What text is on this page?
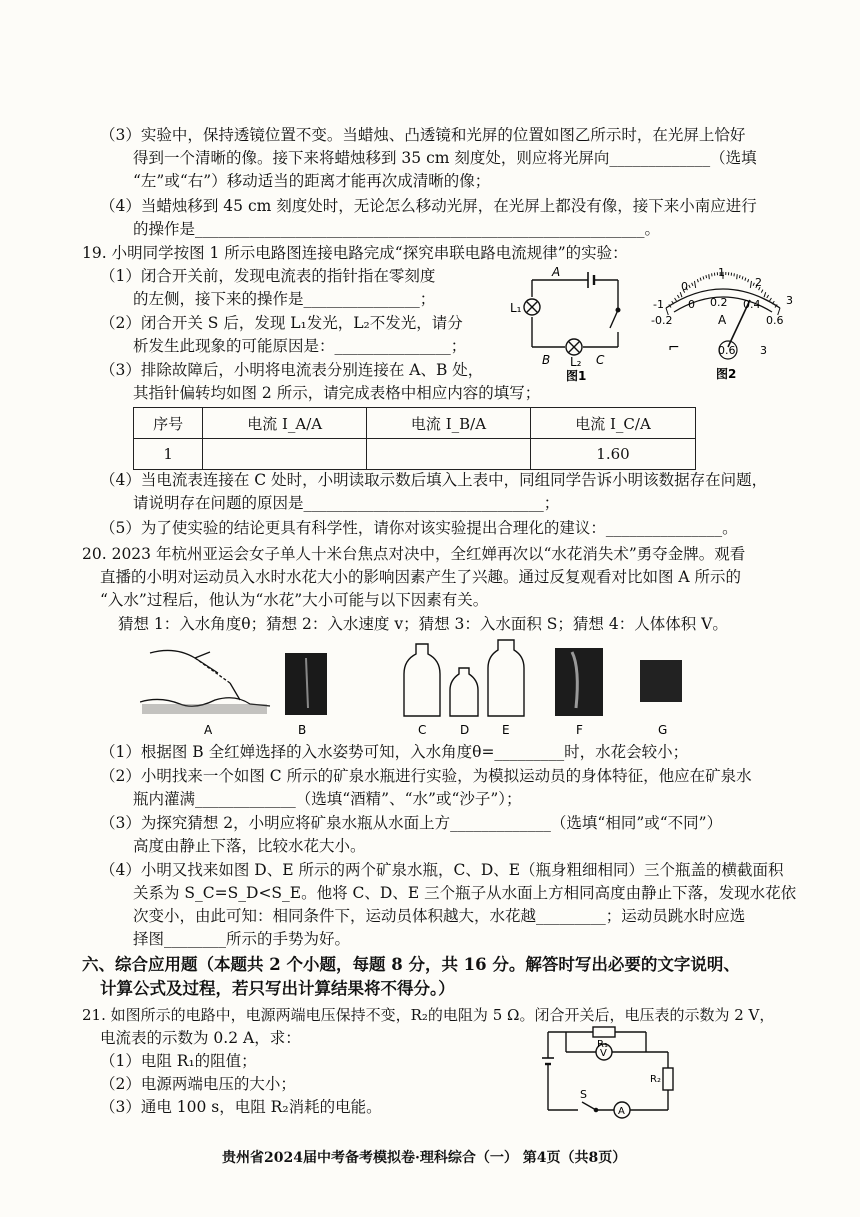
（3）实验中，保持透镜位置不变。当蜡烛、凸透镜和光屏的位置如图乙所示时，在光屏上恰好
得到一个清晰的像。接下来将蜡烛移到 35 cm 刻度处，则应将光屏向_____________（选填
“左”或“右”）移动适当的距离才能再次成清晰的像；
（4）当蜡烛移到 45 cm 刻度处时，无论怎么移动光屏，在光屏上都没有像，接下来小南应进行
的操作是__________________________________________________________。
19. 小明同学按图 1 所示电路图连接电路完成“探究串联电路电流规律”的实验：
（1）闭合开关前，发现电流表的指针指在零刻度
的左侧，接下来的操作是_______________；
（2）闭合开关 S 后，发现 L₁发光，L₂不发光，请分
析发生此现象的可能原因是：_______________；
（3）排除故障后，小明将电流表分别连接在 A、B 处，
其指针偏转均如图 2 所示，请完成表格中相应内容的填写；
L₁
A
B L₂ C
图1
-1
0
1
2
3
-0.2
0 0.2 0.4
0.6
A
⌐	0.6 3
图2
序号	电流 I_A/A	电流 I_B/A	电流 I_C/A
1			1.60
（4）当电流表连接在 C 处时，小明读取示数后填入上表中，同组同学告诉小明该数据存在问题，
请说明存在问题的原因是_______________________________；
（5）为了使实验的结论更具有科学性，请你对该实验提出合理化的建议：_______________。
20. 2023 年杭州亚运会女子单人十米台焦点对决中，全红婵再次以“水花消失术”勇夺金牌。观看
直播的小明对运动员入水时水花大小的影响因素产生了兴趣。通过反复观看对比如图 A 所示的
“入水”过程后，他认为“水花”大小可能与以下因素有关。
猜想 1：入水角度θ；猜想 2：入水速度 v；猜想 3：入水面积 S；猜想 4：人体体积 V。
A	B	C	D	E	F	G
（1）根据图 B 全红婵选择的入水姿势可知，入水角度θ=_________时，水花会较小；
（2）小明找来一个如图 C 所示的矿泉水瓶进行实验，为模拟运动员的身体特征，他应在矿泉水
瓶内灌满_____________（选填“酒精”、“水”或“沙子”）；
（3）为探究猜想 2，小明应将矿泉水瓶从水面上方_____________（选填“相同”或“不同”）
高度由静止下落，比较水花大小。
（4）小明又找来如图 D、E 所示的两个矿泉水瓶，C、D、E（瓶身粗细相同）三个瓶盖的横截面积
关系为 S_C=S_D<S_E。他将 C、D、E 三个瓶子从水面上方相同高度由静止下落，发现水花依
次变小，由此可知：相同条件下，运动员体积越大，水花越_________；运动员跳水时应选
择图________所示的手势为好。
六、综合应用题（本题共 2 个小题，每题 8 分，共 16 分。解答时写出必要的文字说明、
计算公式及过程，若只写出计算结果将不得分。）
21. 如图所示的电路中，电源两端电压保持不变，R₂的电阻为 5 Ω。闭合开关后，电压表的示数为 2 V，
电流表的示数为 0.2 A，求：
（1）电阻 R₁的阻值；
（2）电源两端电压的大小；
（3）通电 100 s，电阻 R₂消耗的电能。
R₁
V
R₂
S
A
贵州省2024届中考备考模拟卷·理科综合（一） 第4页（共8页）
